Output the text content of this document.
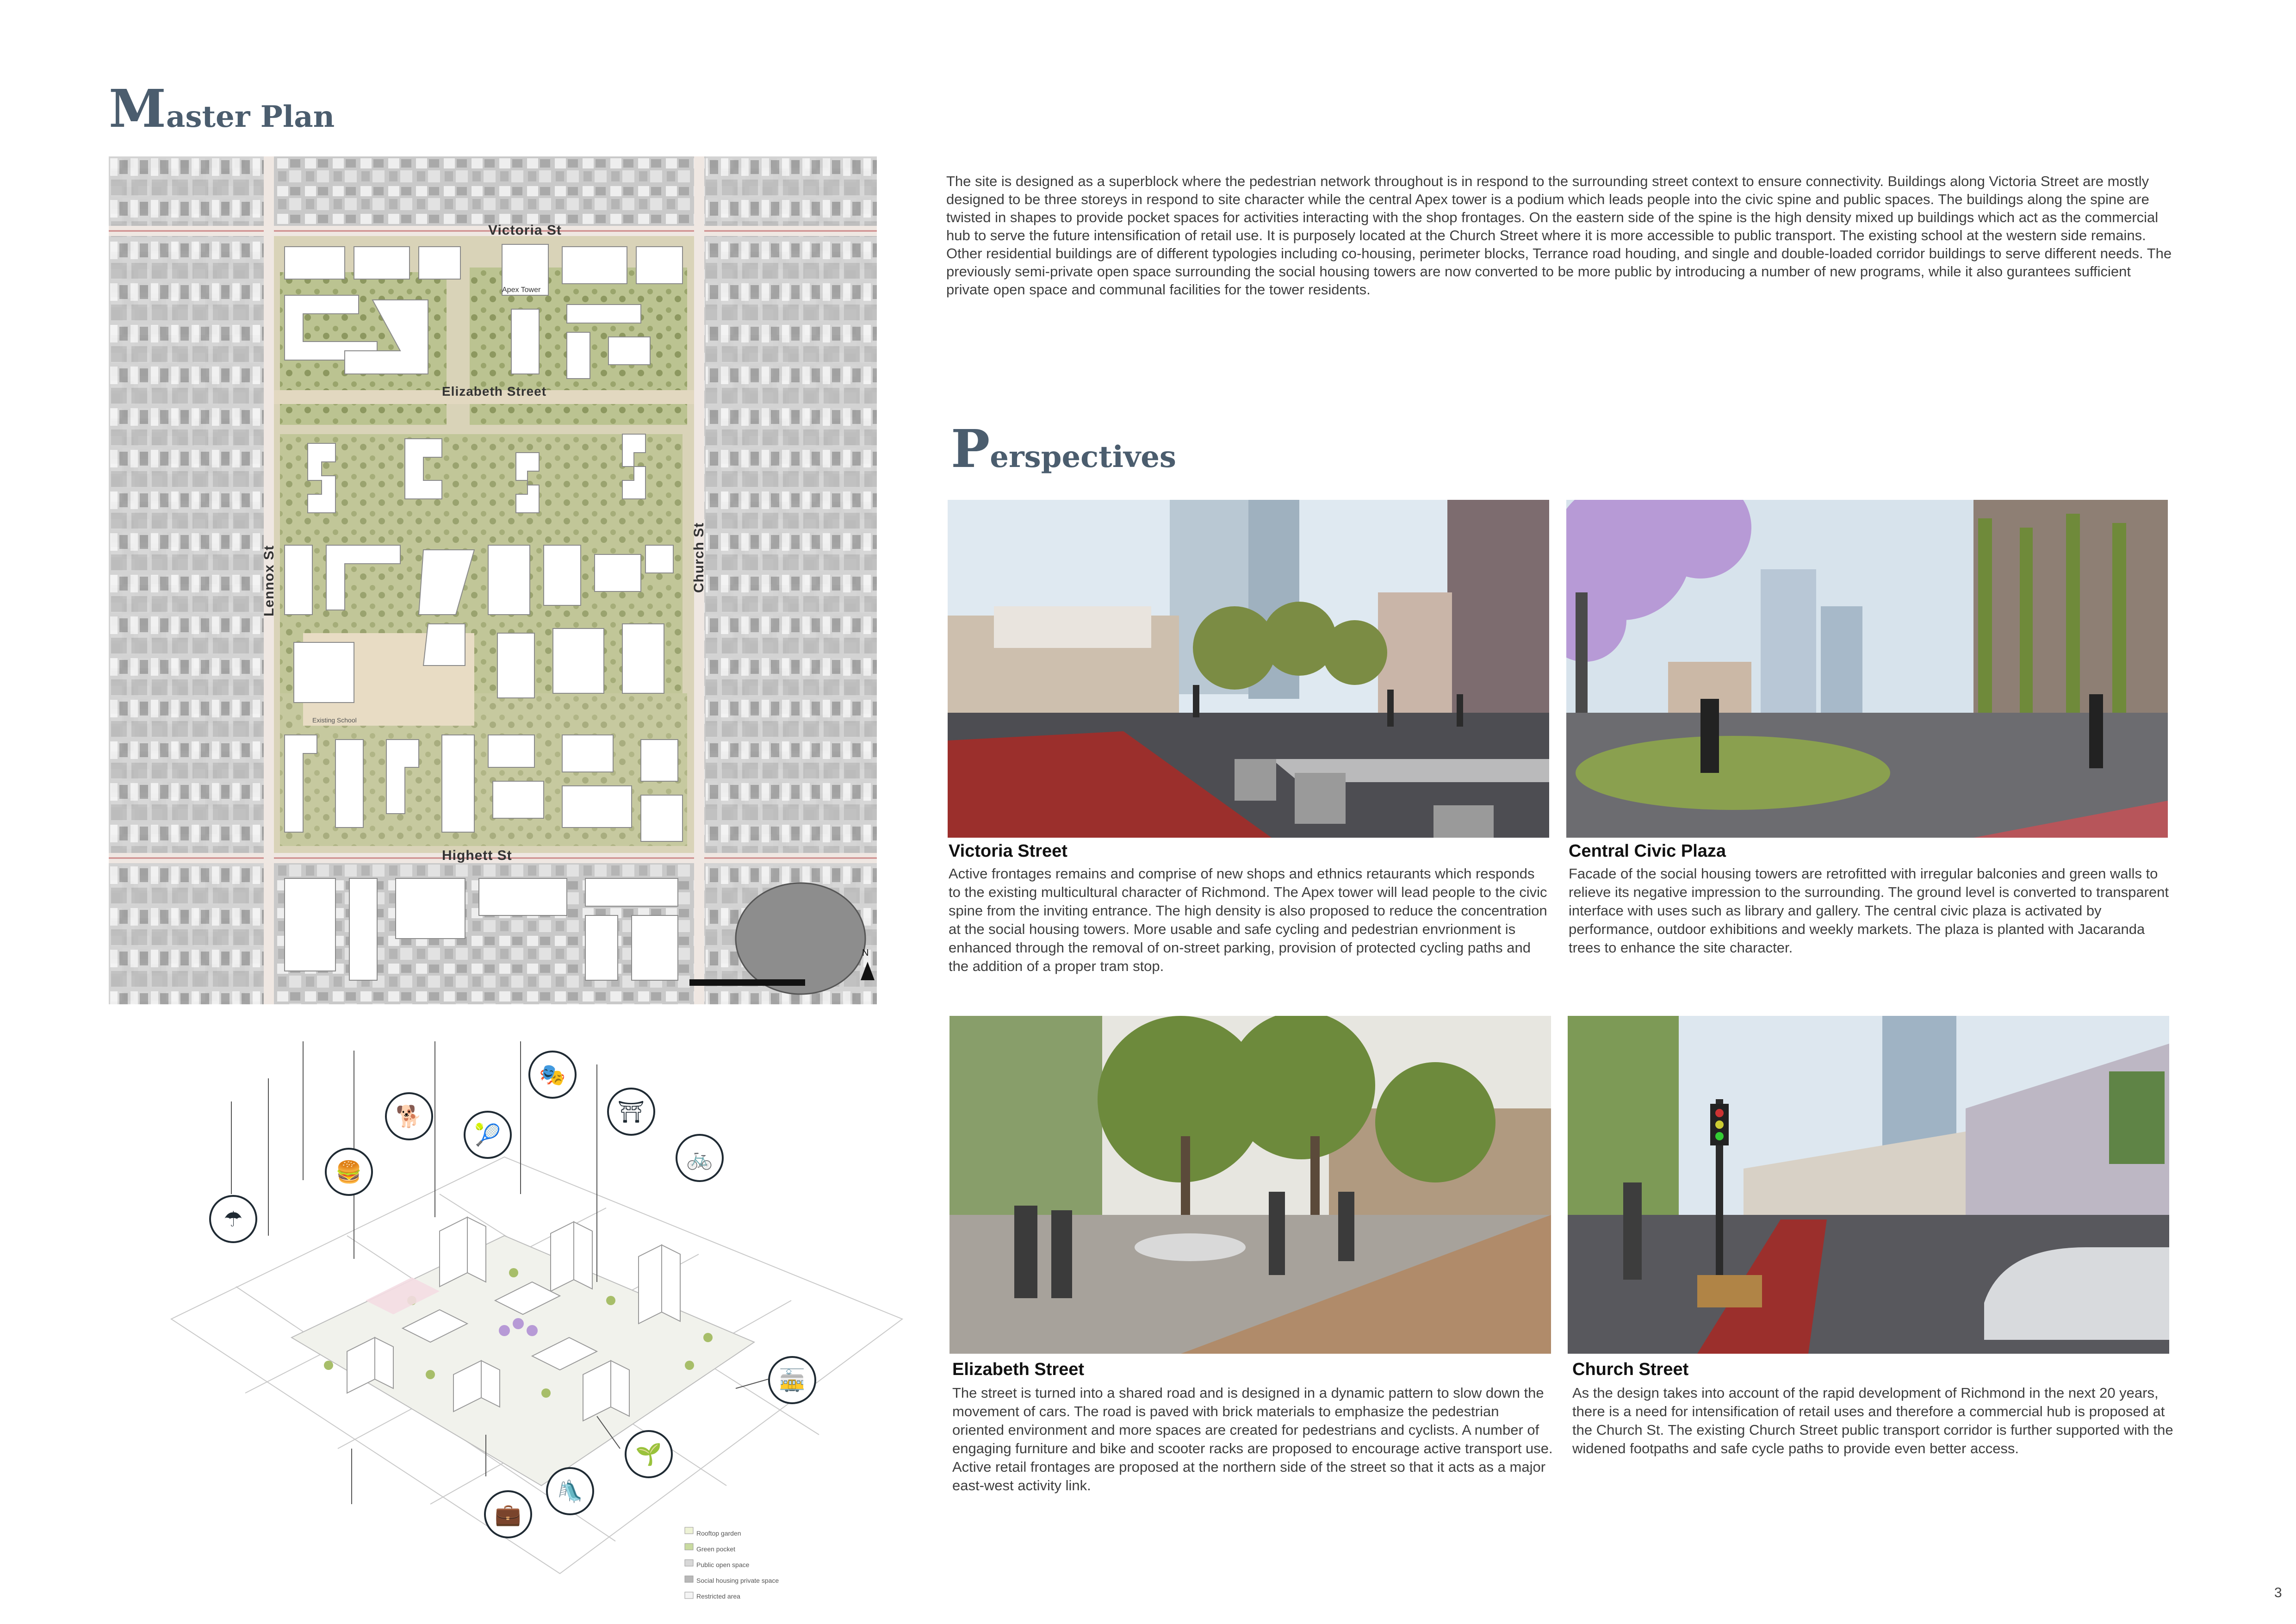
Master Plan
Victoria St
Elizabeth Street
Highett St
Lennox St	Church St
Apex Tower
Existing School
N
The site is designed as a superblock where the pedestrian network throughout is in respond to the surrounding street context to ensure connectivity. Buildings along Victoria Street are mostly designed to be three storeys in respond to site character while the central Apex tower is a podium which leads people into the civic spine and public spaces. The buildings along the spine are twisted in shapes to provide pocket spaces for activities interacting with the shop frontages. On the eastern side of the spine is the high density mixed up buildings which act as the commercial hub to serve the future intensification of retail use. It is purposely located at the Church Street where it is more accessible to public transport. The existing school at the western side remains. Other residential buildings are of different typologies including co-housing, perimeter blocks, Terrance road houding, and single and double-loaded corridor buildings to serve different needs. The previously semi-private open space surrounding the social housing towers are now converted to be more public by introducing a number of new programs, while it also gurantees sufficient private open space and communal facilities for the tower residents.
Perspectives
Victoria Street
Active frontages remains and comprise of new shops and ethnics retaurants which responds to the existing multicultural character of Richmond. The Apex tower will lead people to the civic spine from the inviting entrance. The high density is also proposed to reduce the concentration at the social housing towers. More usable and safe cycling and pedestrian envrionment is enhanced through the removal of on-street parking, provision of protected cycling paths and the addition of a proper tram stop.
Central Civic Plaza
Facade of the social housing towers are retrofitted with irregular balconies and green walls to relieve its negative impression to the surrounding. The ground level is converted to transparent interface with uses such as library and gallery. The central civic plaza is activated by performance, outdoor exhibitions and weekly markets. The plaza is planted with Jacaranda trees to enhance the site character.
Elizabeth Street
The street is turned into a shared road and is designed in a dynamic pattern to slow down the movement of cars. The road is paved with brick materials to emphasize the pedestrian oriented environment and more spaces are created for pedestrians and cyclists. A number of engaging furniture and bike and scooter racks are proposed to encourage active transport use. Active retail frontages are proposed at the northern side of the street so that it acts as a major east-west activity link.
Church Street
As the design takes into account of the rapid development of Richmond in the next 20 years, there is a need for intensification of retail uses and therefore a commercial hub is proposed at the Church St. The existing Church Street public transport corridor is further supported with the widened footpaths and safe cycle paths to provide even better access.
☂
🍔
🐕
🎾
🎭
⛩
🚲
🚋
🌱
🛝
💼
Rooftop garden
Green pocket
Public open space
Social housing private space
Restricted area	3
